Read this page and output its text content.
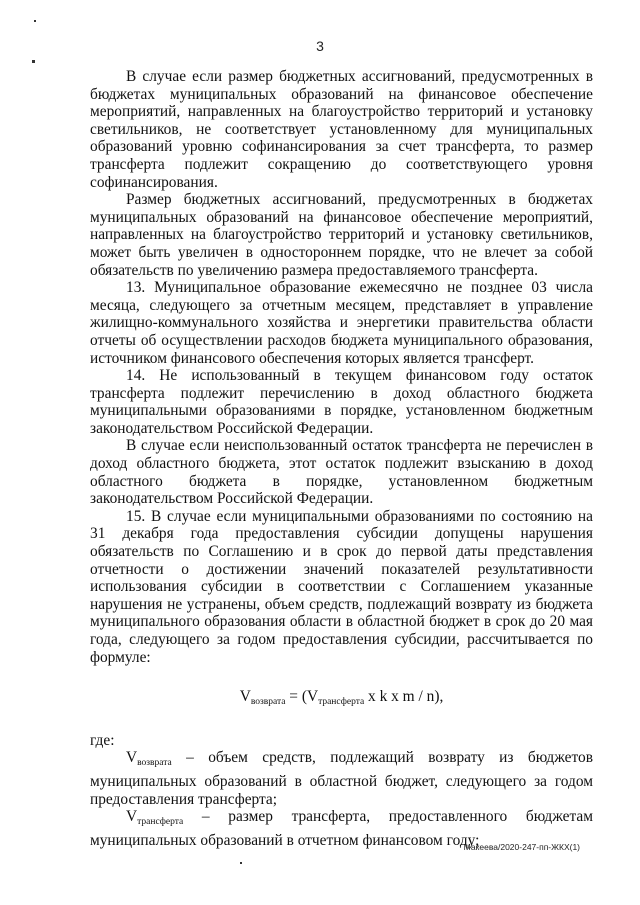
3

В случае если размер бюджетных ассигнований, предусмотренных в бюджетах муниципальных образований на финансовое обеспечение мероприятий, направленных на благоустройство территорий и установку светильников, не соответствует установленному для муниципальных образований уровню софинансирования за счет трансферта, то размер трансферта подлежит сокращению до соответствующего уровня софинансирования.

Размер бюджетных ассигнований, предусмотренных в бюджетах муниципальных образований на финансовое обеспечение мероприятий, направленных на благоустройство территорий и установку светильников, может быть увеличен в одностороннем порядке, что не влечет за собой обязательств по увеличению размера предоставляемого трансферта.

13. Муниципальное образование ежемесячно не позднее 03 числа месяца, следующего за отчетным месяцем, представляет в управление жилищно-коммунального хозяйства и энергетики правительства области отчеты об осуществлении расходов бюджета муниципального образования, источником финансового обеспечения которых является трансферт.

14. Не использованный в текущем финансовом году остаток трансферта подлежит перечислению в доход областного бюджета муниципальными образованиями в порядке, установленном бюджетным законодательством Российской Федерации.

В случае если неиспользованный остаток трансферта не перечислен в доход областного бюджета, этот остаток подлежит взысканию в доход областного бюджета в порядке, установленном бюджетным законодательством Российской Федерации.

15. В случае если муниципальными образованиями по состоянию на 31 декабря года предоставления субсидии допущены нарушения обязательств по Соглашению и в срок до первой даты представления отчетности о достижении значений показателей результативности использования субсидии в соответствии с Соглашением указанные нарушения не устранены, объем средств, подлежащий возврату из бюджета муниципального образования области в областной бюджет в срок до 20 мая года, следующего за годом предоставления субсидии, рассчитывается по формуле:

$V_{возврата} = (V_{трансферта}$ x k x m / n),

где:

$V_{возврата}$ – объем средств, подлежащий возврату из бюджетов муниципальных образований в областной бюджет, следующего за годом предоставления трансферта;

$V_{трансферта}$ – размер трансферта, предоставленного бюджетам муниципальных образований в отчетном финансовом году;

Макеева/2020-247-пп-ЖКХ(1)
